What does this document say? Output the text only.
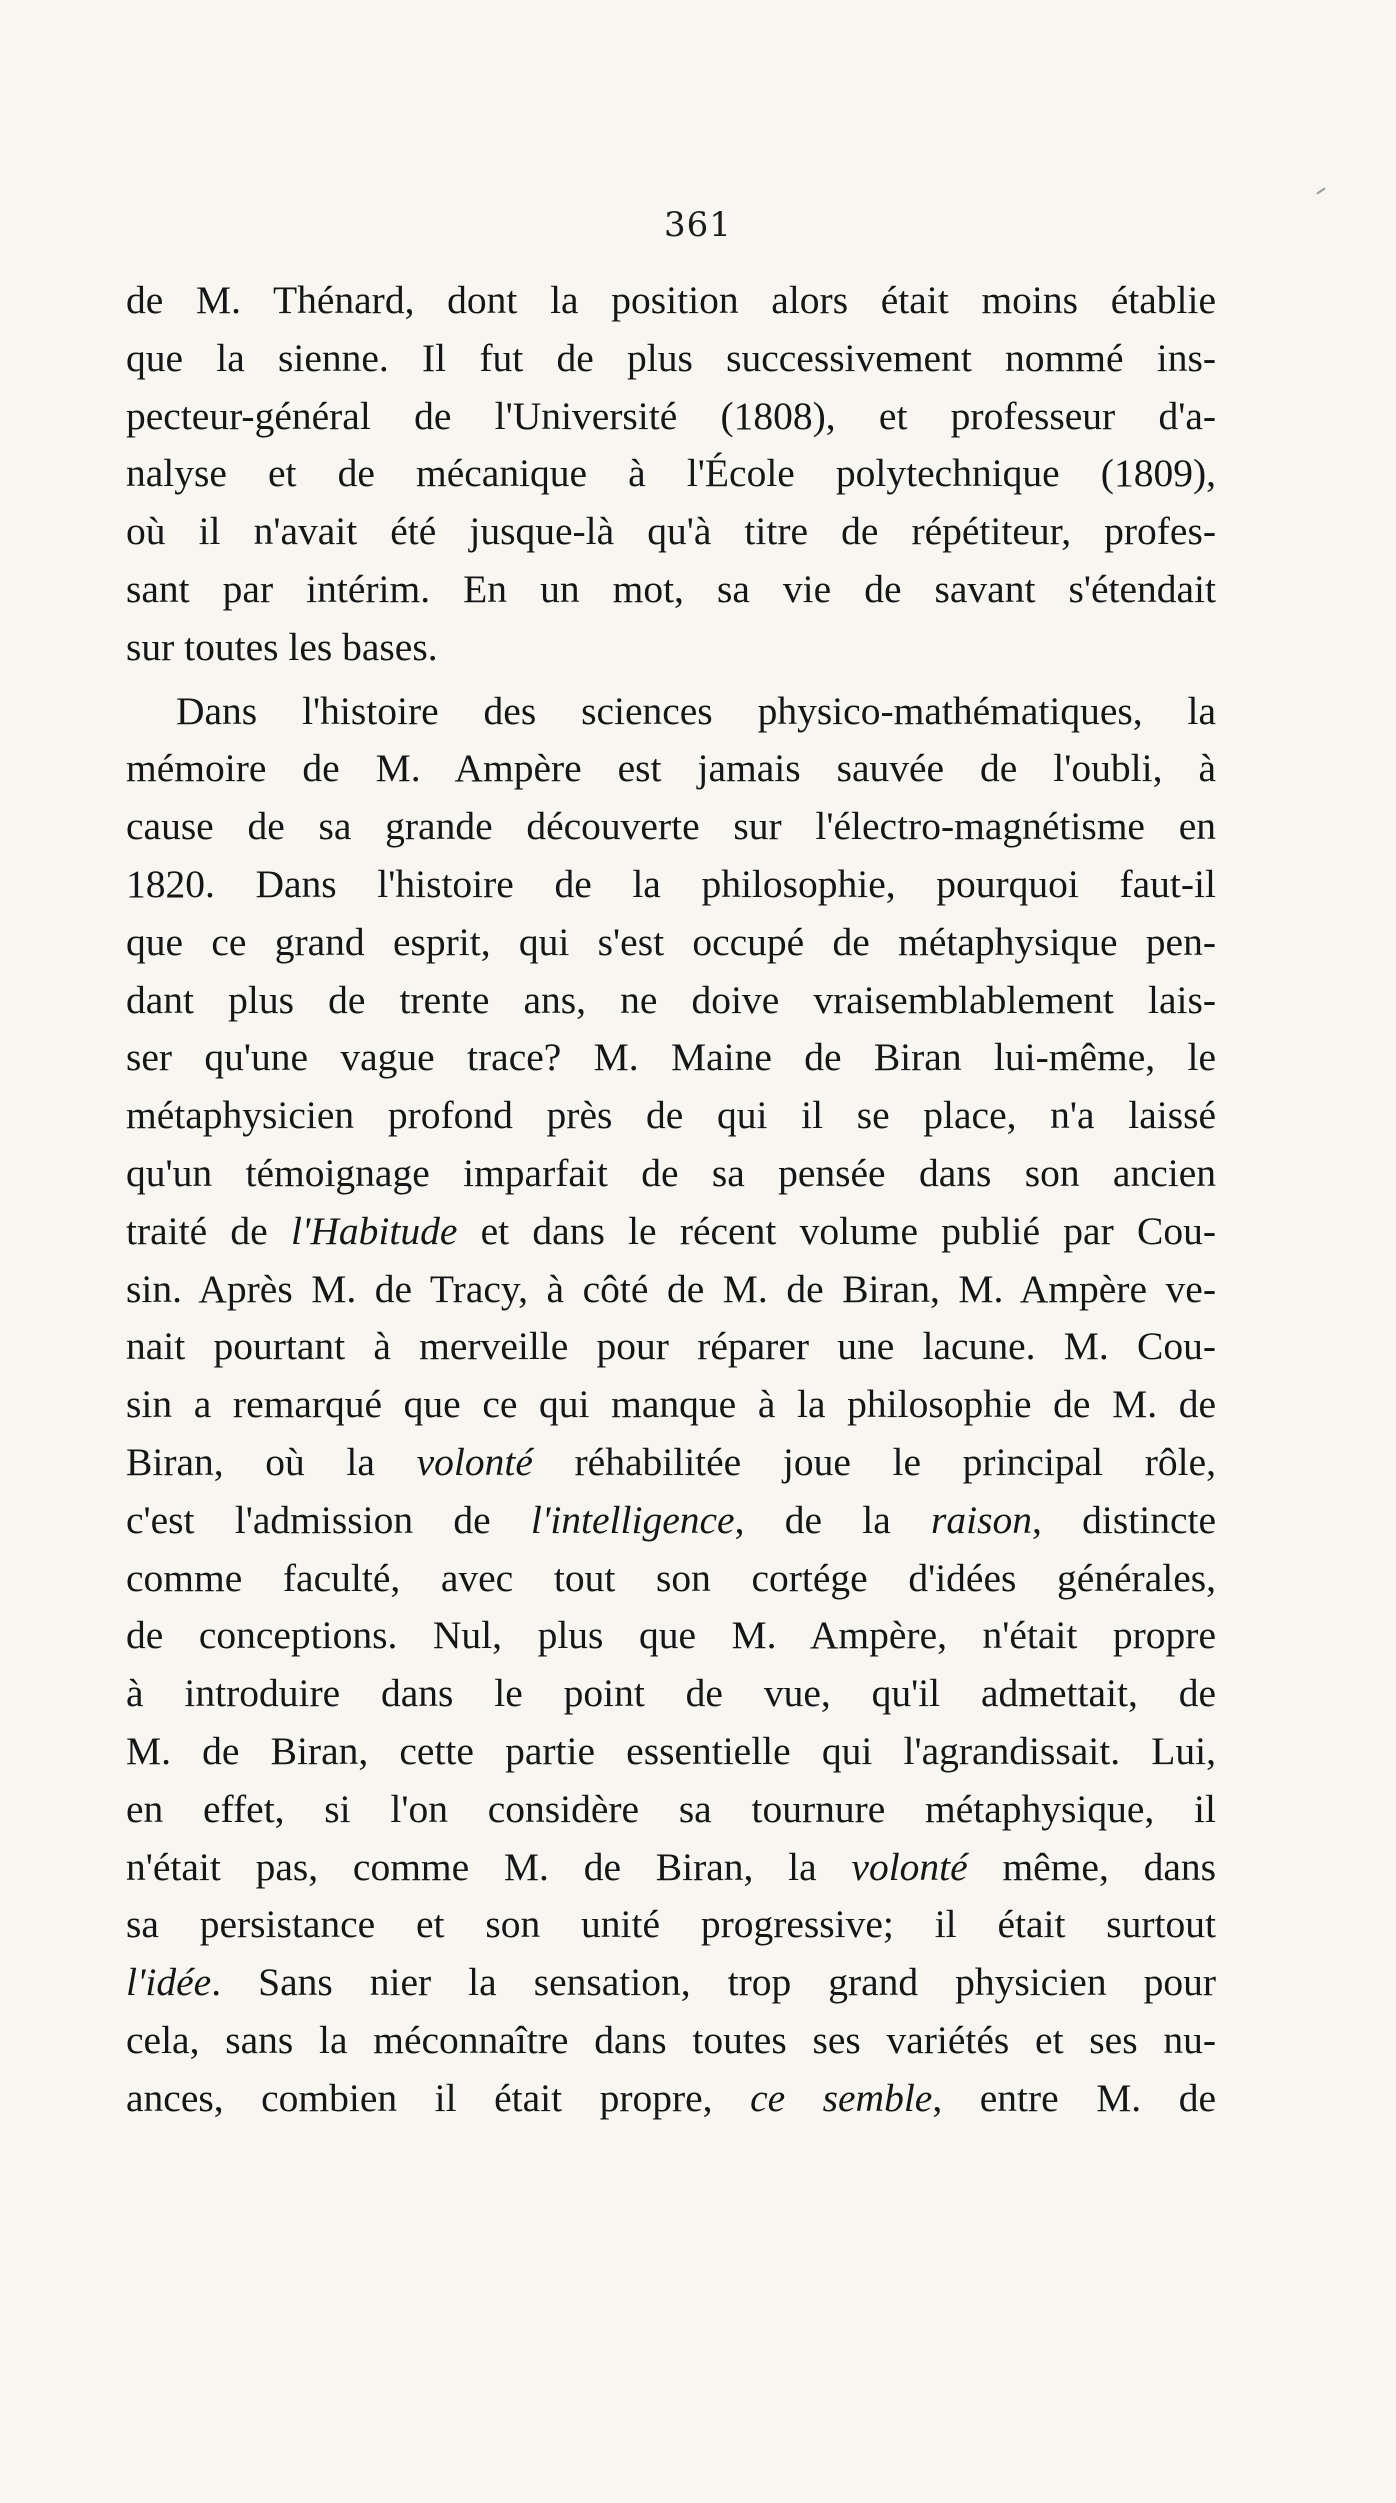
361

de M. Thénard, dont la position alors était moins établie
que la sienne. Il fut de plus successivement nommé ins-
pecteur-général de l'Université (1808), et professeur d'a-
nalyse et de mécanique à l'École polytechnique (1809),
où il n'avait été jusque-là qu'à titre de répétiteur, profes-
sant par intérim. En un mot, sa vie de savant s'étendait
sur toutes les bases.

Dans l'histoire des sciences physico-mathématiques, la
mémoire de M. Ampère est jamais sauvée de l'oubli, à
cause de sa grande découverte sur l'électro-magnétisme en
1820. Dans l'histoire de la philosophie, pourquoi faut-il
que ce grand esprit, qui s'est occupé de métaphysique pen-
dant plus de trente ans, ne doive vraisemblablement lais-
ser qu'une vague trace? M. Maine de Biran lui-même, le
métaphysicien profond près de qui il se place, n'a laissé
qu'un témoignage imparfait de sa pensée dans son ancien
traité de l'Habitude et dans le récent volume publié par Cou-
sin. Après M. de Tracy, à côté de M. de Biran, M. Ampère ve-
nait pourtant à merveille pour réparer une lacune. M. Cou-
sin a remarqué que ce qui manque à la philosophie de M. de
Biran, où la volonté réhabilitée joue le principal rôle,
c'est l'admission de l'intelligence, de la raison, distincte
comme faculté, avec tout son cortége d'idées générales,
de conceptions. Nul, plus que M. Ampère, n'était propre
à introduire dans le point de vue, qu'il admettait, de
M. de Biran, cette partie essentielle qui l'agrandissait. Lui,
en effet, si l'on considère sa tournure métaphysique, il
n'était pas, comme M. de Biran, la volonté même, dans
sa persistance et son unité progressive; il était surtout
l'idée. Sans nier la sensation, trop grand physicien pour
cela, sans la méconnaître dans toutes ses variétés et ses nu-
ances, combien il était propre, ce semble, entre M. de
